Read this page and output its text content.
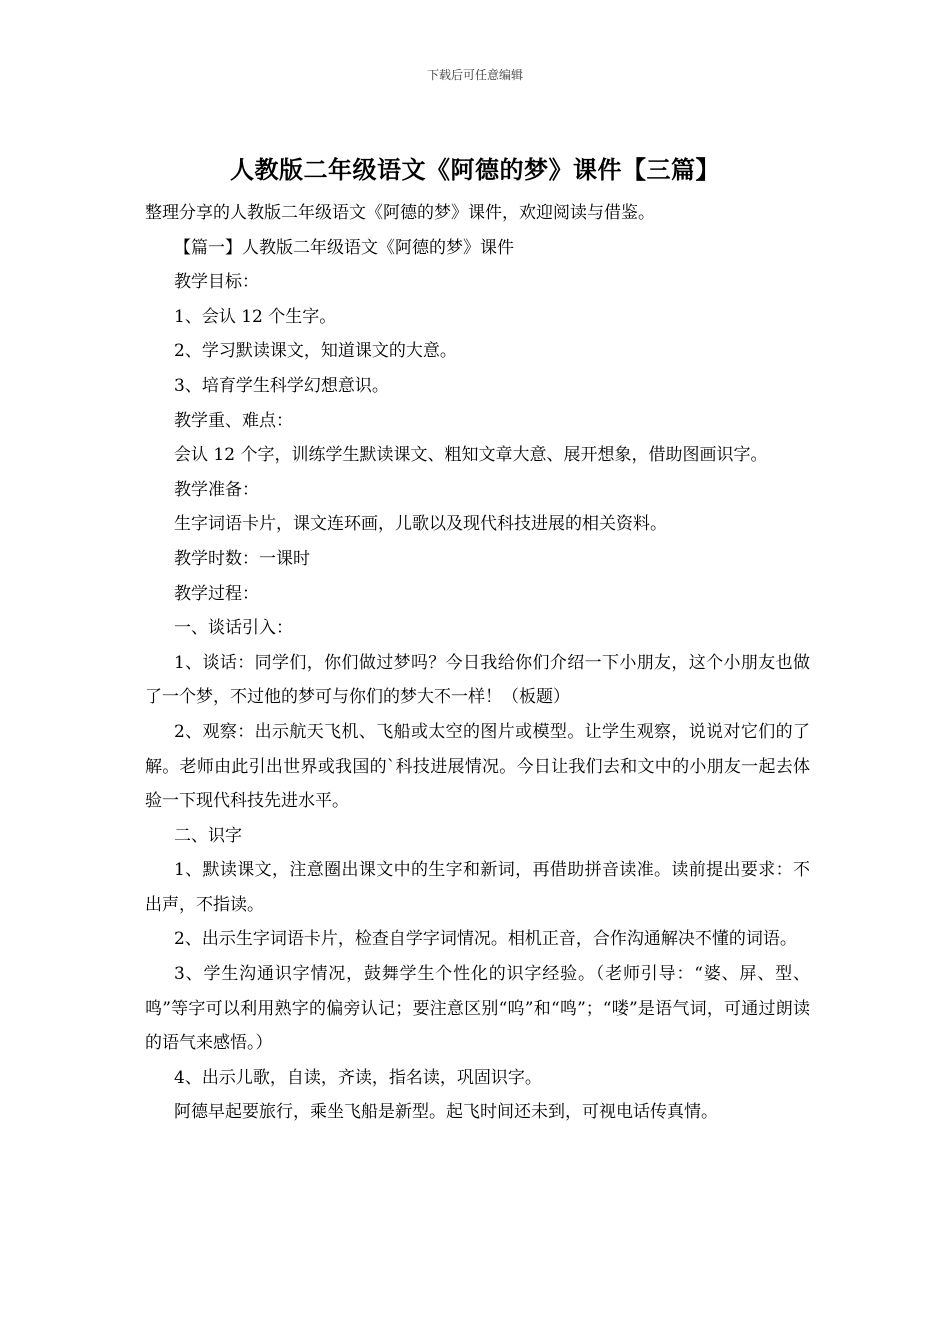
下载后可任意编辑
人教版二年级语文《阿德的梦》课件【三篇】

整理分享的人教版二年级语文《阿德的梦》课件，欢迎阅读与借鉴。

【篇一】人教版二年级语文《阿德的梦》课件

教学目标：

1、会认 12 个生字。

2、学习默读课文，知道课文的大意。

3、培育学生科学幻想意识。

教学重、难点：

会认 12 个字，训练学生默读课文、粗知文章大意、展开想象，借助图画识字。

教学准备：

生字词语卡片，课文连环画，儿歌以及现代科技进展的相关资料。

教学时数：一课时

教学过程：

一、谈话引入：

1、谈话：同学们，你们做过梦吗？今日我给你们介绍一下小朋友，这个小朋友也做了一个梦，不过他的梦可与你们的梦大不一样！（板题）

2、观察：出示航天飞机、飞船或太空的图片或模型。让学生观察，说说对它们的了解。老师由此引出世界或我国的`科技进展情况。今日让我们去和文中的小朋友一起去体验一下现代科技先进水平。

二、识字

1、默读课文，注意圈出课文中的生字和新词，再借助拼音读准。读前提出要求：不出声，不指读。

2、出示生字词语卡片，检查自学字词情况。相机正音，合作沟通解决不懂的词语。

3、学生沟通识字情况，鼓舞学生个性化的识字经验。（老师引导：“婆、屏、型、鸣”等字可以利用熟字的偏旁认记；要注意区别“呜”和“鸣”；“喽”是语气词，可通过朗读的语气来感悟。）

4、出示儿歌，自读，齐读，指名读，巩固识字。

阿德早起要旅行，乘坐飞船是新型。起飞时间还未到，可视电话传真情。
